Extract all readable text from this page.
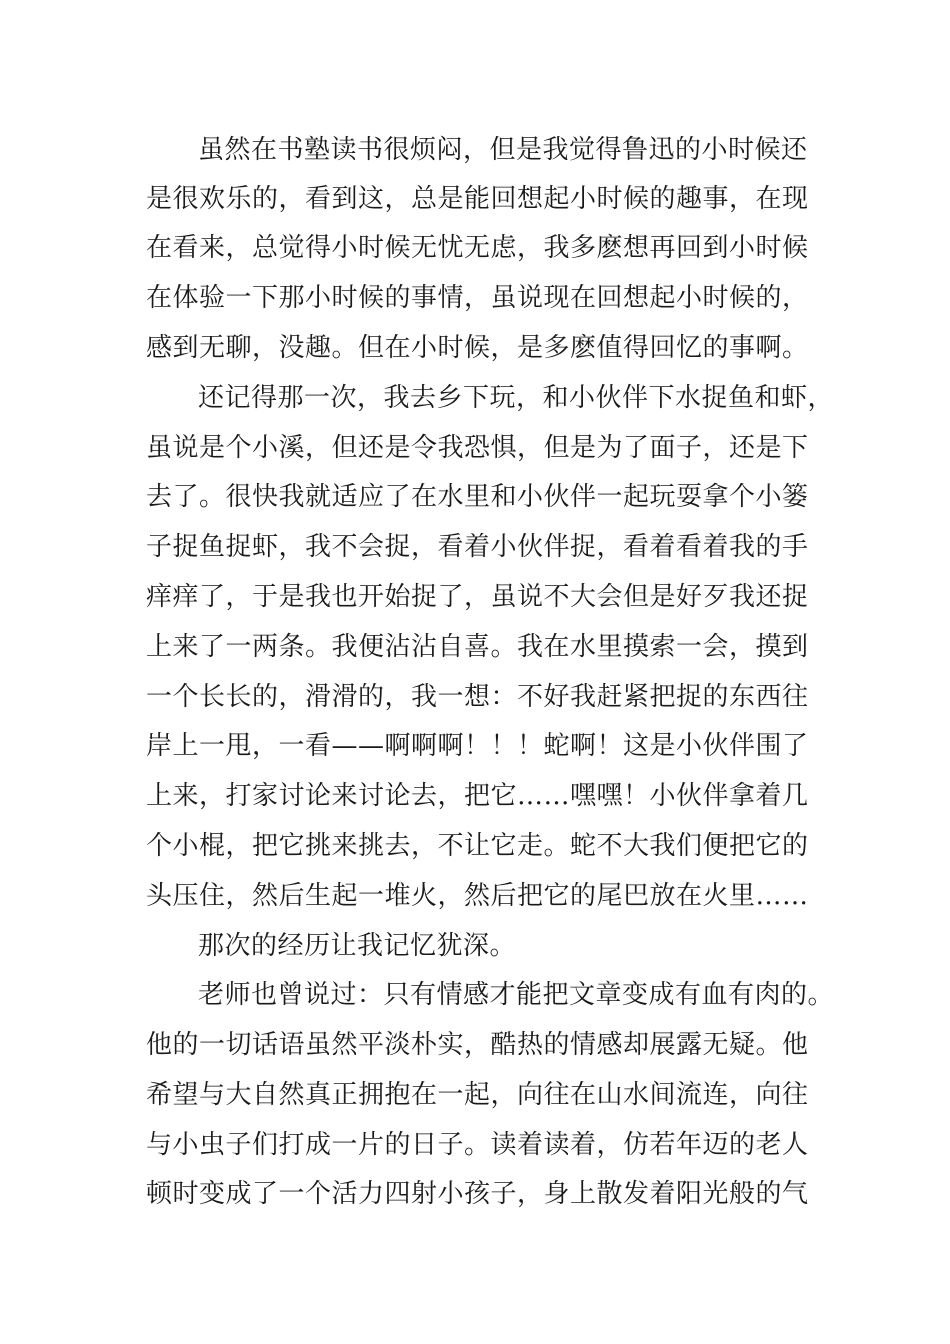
虽然在书塾读书很烦闷，但是我觉得鲁迅的小时候还
是很欢乐的，看到这，总是能回想起小时候的趣事，在现
在看来，总觉得小时候无忧无虑，我多麽想再回到小时候
在体验一下那小时候的事情，虽说现在回想起小时候的，
感到无聊，没趣。但在小时候，是多麽值得回忆的事啊。
还记得那一次，我去乡下玩，和小伙伴下水捉鱼和虾，
虽说是个小溪，但还是令我恐惧，但是为了面子，还是下
去了。很快我就适应了在水里和小伙伴一起玩耍拿个小篓
子捉鱼捉虾，我不会捉，看着小伙伴捉，看着看着我的手
痒痒了，于是我也开始捉了，虽说不大会但是好歹我还捉
上来了一两条。我便沾沾自喜。我在水里摸索一会，摸到
一个长长的，滑滑的，我一想：不好我赶紧把捉的东西往
岸上一甩，一看——啊啊啊！！！蛇啊！这是小伙伴围了
上来，打家讨论来讨论去，把它……嘿嘿！小伙伴拿着几
个小棍，把它挑来挑去，不让它走。蛇不大我们便把它的
头压住，然后生起一堆火，然后把它的尾巴放在火里……
那次的经历让我记忆犹深。
老师也曾说过：只有情感才能把文章变成有血有肉的。
他的一切话语虽然平淡朴实，酷热的情感却展露无疑。他
希望与大自然真正拥抱在一起，向往在山水间流连，向往
与小虫子们打成一片的日子。读着读着，仿若年迈的老人
顿时变成了一个活力四射小孩子，身上散发着阳光般的气
